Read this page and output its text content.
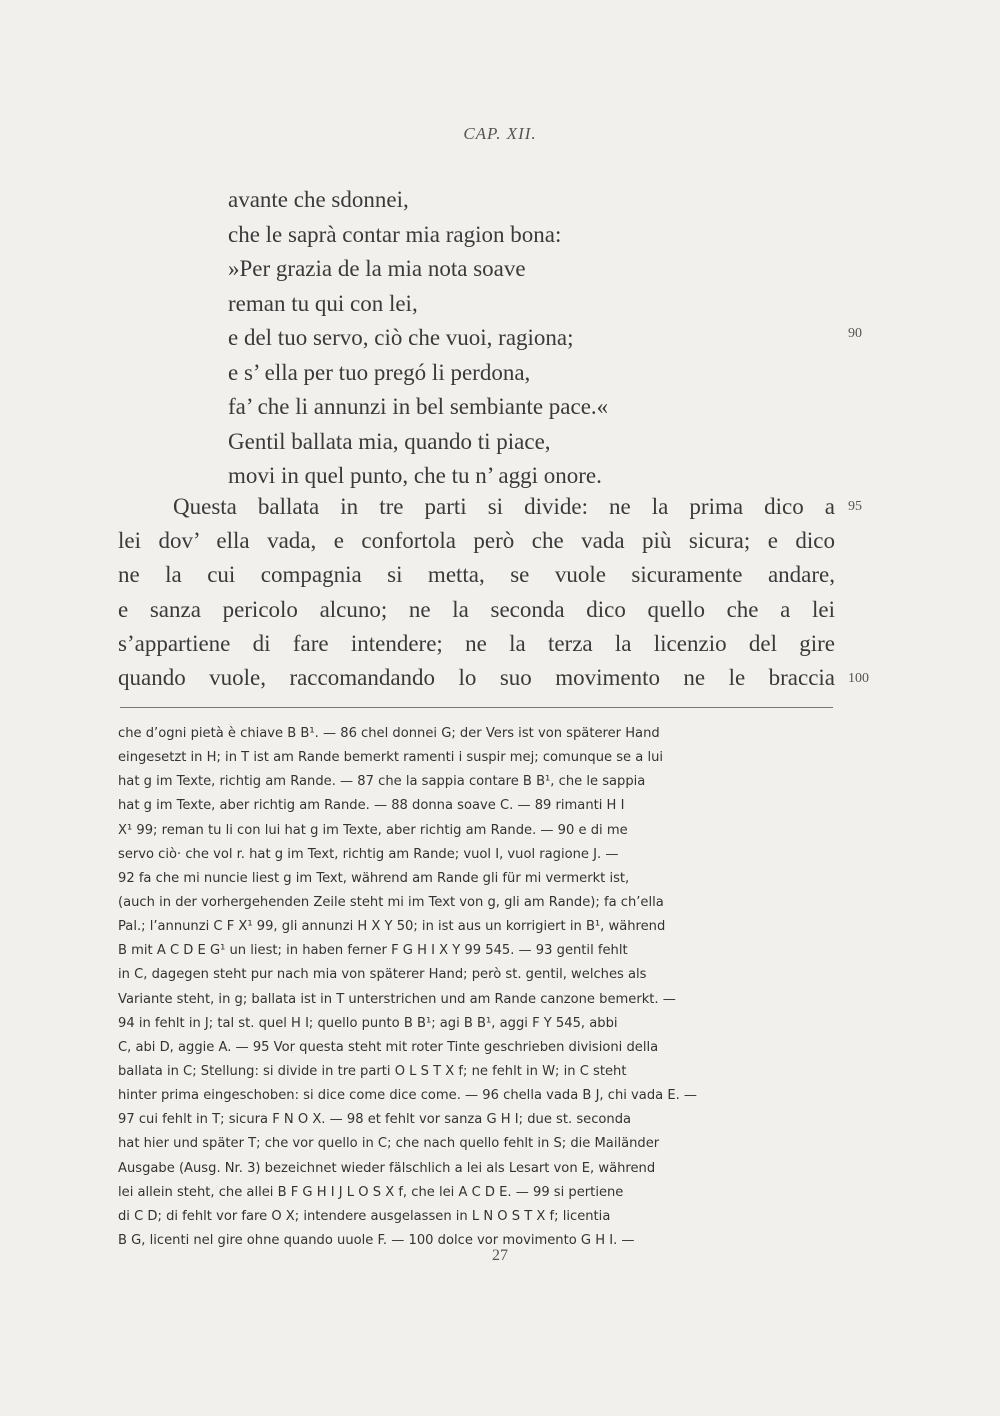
CAP. XII.
avante che sdonnei,
che le saprà contar mia ragion bona:
»Per grazia de la mia nota soave
reman tu qui con lei,
e del tuo servo, ciò che vuoi, ragiona;
e s’ ella per tuo pregó li perdona,
fa’ che li annunzi in bel sembiante pace.«
Gentil ballata mia, quando ti piace,
movi in quel punto, che tu n’ aggi onore.
90
95
100
Questa ballata in tre parti si divide: ne la prima dico a
lei dov’ ella vada, e confortola però che vada più sicura; e dico
ne la cui compagnia si metta, se vuole sicuramente andare,
e sanza pericolo alcuno; ne la seconda dico quello che a lei
s’appartiene di fare intendere; ne la terza la licenzio del gire
quando vuole, raccomandando lo suo movimento ne le braccia
che d’ogni pietà è chiave B B¹. — 86 chel donnei G; der Vers ist von späterer Hand
eingesetzt in H; in T ist am Rande bemerkt ramenti i suspir mej; comunque se a lui
hat g im Texte, richtig am Rande. — 87 che la sappia contare B B¹, che le sappia
hat g im Texte, aber richtig am Rande. — 88 donna soave C. — 89 rimanti H I
X¹ 99; reman tu li con lui hat g im Texte, aber richtig am Rande. — 90 e di me
servo ciò· che vol r. hat g im Text, richtig am Rande; vuol I, vuol ragione J. —
92 fa che mi nuncie liest g im Text, während am Rande gli für mi vermerkt ist,
(auch in der vorhergehenden Zeile steht mi im Text von g, gli am Rande); fa ch’ella
Pal.; l’annunzi C F X¹ 99, gli annunzi H X Y 50; in ist aus un korrigiert in B¹, während
B mit A C D E G¹ un liest; in haben ferner F G H I X Y 99 545. — 93 gentil fehlt
in C, dagegen steht pur nach mia von späterer Hand; però st. gentil, welches als
Variante steht, in g; ballata ist in T unterstrichen und am Rande canzone bemerkt. —
94 in fehlt in J; tal st. quel H I; quello punto B B¹; agi B B¹, aggi F Y 545, abbi
C, abi D, aggie A. — 95 Vor questa steht mit roter Tinte geschrieben divisioni della
ballata in C; Stellung: si divide in tre parti O L S T X f; ne fehlt in W; in C steht
hinter prima eingeschoben: si dice come dice come. — 96 chella vada B J, chi vada E. —
97 cui fehlt in T; sicura F N O X. — 98 et fehlt vor sanza G H I; due st. seconda
hat hier und später T; che vor quello in C; che nach quello fehlt in S; die Mailänder
Ausgabe (Ausg. Nr. 3) bezeichnet wieder fälschlich a lei als Lesart von E, während
lei allein steht, che allei B F G H I J L O S X f, che lei A C D E. — 99 si pertiene
di C D; di fehlt vor fare O X; intendere ausgelassen in L N O S T X f; licentia
B G, licenti nel gire ohne quando uuole F. — 100 dolce vor movimento G H I. —
27
